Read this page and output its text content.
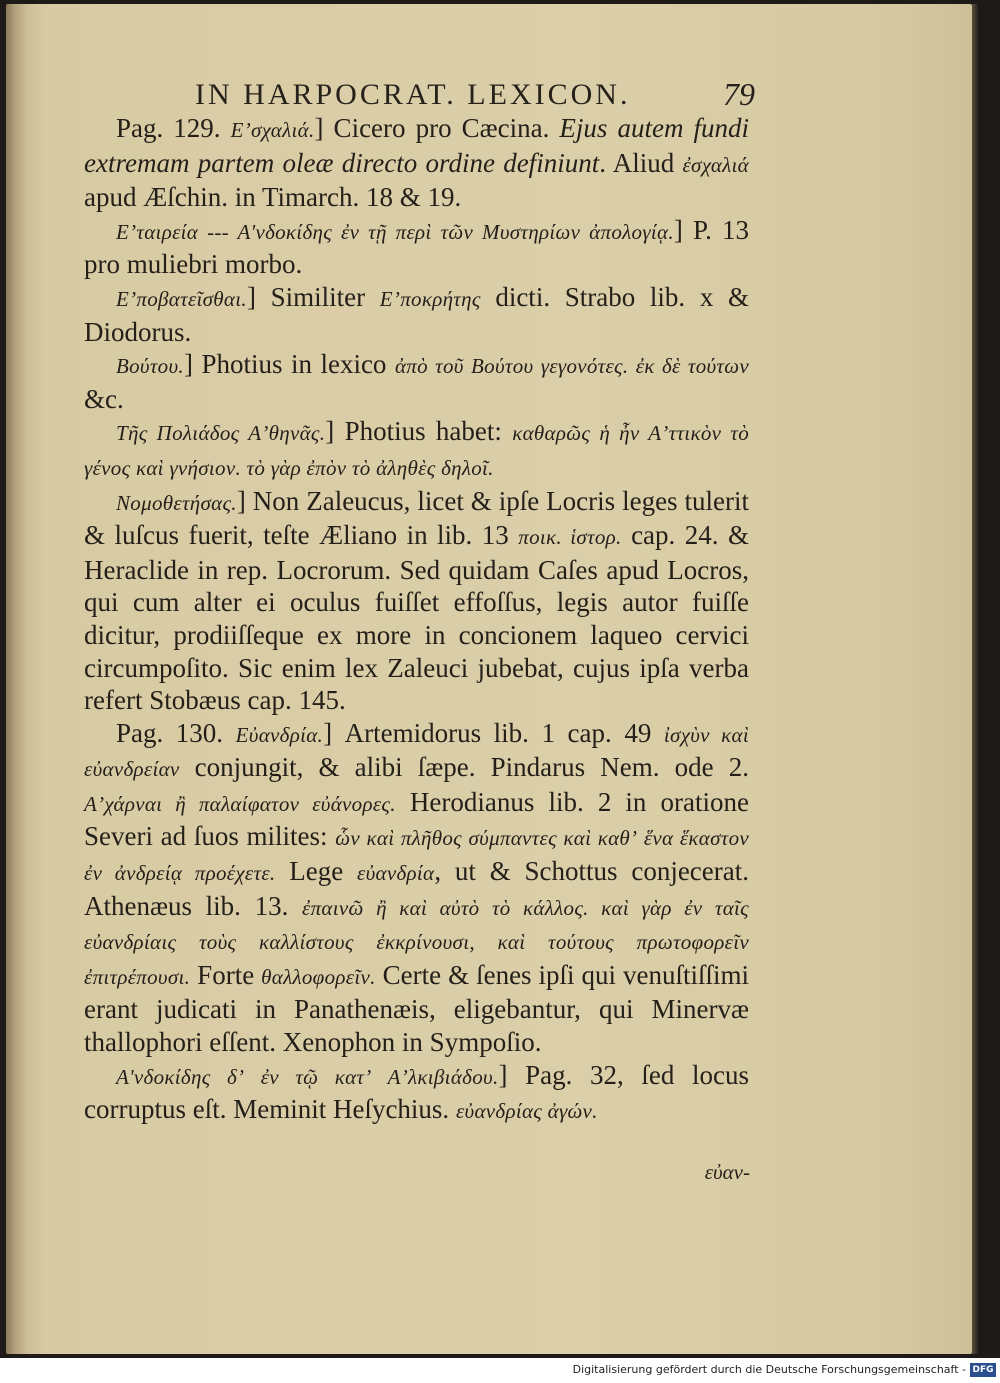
IN HARPOCRAT. LEXICON.	79

Pag. 129. Εʼσχαλιά.] Cicero pro Cæcina. Ejus autem fundi extremam partem oleæ directo ordine definiunt. Aliud ἐσχαλιά apud Æſchin. in Timarch. 18 & 19.

Εʼταιρεία --- Α'νδοκίδης ἐν τῇ περὶ τῶν Μυστηρίων ἀπολογίᾳ.] P. 13 pro muliebri morbo.

Εʼποβατεῖσθαι.] Similiter Εʼποκρήτης dicti. Strabo lib. x & Diodorus.

Βούτου.] Photius in lexico ἀπὸ τοῦ Βούτου γεγονότες. ἐκ δὲ τούτων &c.

Τῆς Πολιάδος Αʼθηνᾶς.] Photius habet: καθαρῶς ἡ ἦν Αʼττικὸν τὸ γένος καὶ γνήσιον. τὸ γὰρ ἐπὸν τὸ ἀληθὲς δηλοῖ.

Νομοθετήσας.] Non Zaleucus, licet & ipſe Locris leges tulerit & luſcus fuerit, teſte Æliano in lib. 13 ποικ. ἱστορ. cap. 24. & Heraclide in rep. Locrorum. Sed quidam Caſes apud Locros, qui cum alter ei oculus fuiſſet effoſſus, legis autor fuiſſe dicitur, prodiiſſeque ex more in concionem laqueo cervici circumpoſito. Sic enim lex Zaleuci jubebat, cujus ipſa verba refert Stobæus cap. 145.

Pag. 130. Εὐανδρία.] Artemidorus lib. 1 cap. 49 ἰσχὺν καὶ εὐανδρείαν conjungit, & alibi ſæpe. Pindarus Nem. ode 2. Αʼχάρναι ἢ παλαίφατον εὐάνορες. Herodianus lib. 2 in oratione Severi ad ſuos milites: ὧν καὶ πλῆθος σύμπαντες καὶ καθʼ ἕνα ἕκαστον ἐν ἀνδρείᾳ προέχετε. Lege εὐανδρία, ut & Schottus conjecerat. Athenæus lib. 13. ἐπαινῶ ἢ καὶ αὐτὸ τὸ κάλλος. καὶ γὰρ ἐν ταῖς εὐανδρίαις τοὺς καλλίστους ἐκκρίνουσι, καὶ τούτους πρωτοφορεῖν ἐπιτρέπουσι. Forte θαλλοφορεῖν. Certe & ſenes ipſi qui venuſtiſſimi erant judicati in Panathenæis, eligebantur, qui Minervæ thallophori eſſent. Xenophon in Sympoſio.

Α'νδοκίδης δʼ ἐν τῷ κατʼ Αʼλκιβιάδου.] Pag. 32, ſed locus corruptus eſt. Meminit Heſychius. εὐανδρίας ἀγών.

εὐαν-
Digitalisierung gefördert durch die Deutsche Forschungsgemeinschaft - DFG
